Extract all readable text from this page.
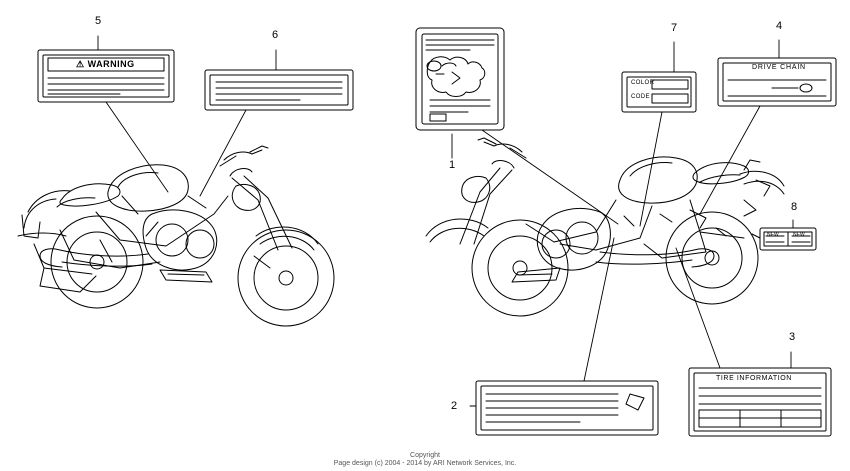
5
6
1
7	4
8
2
3
⚠ WARNING	DRIVE CHAIN
COLOR
CODE
TIRE INFORMATION
NEW	NEW
Copyright
Page design (c) 2004 - 2014 by ARI Network Services, Inc.
